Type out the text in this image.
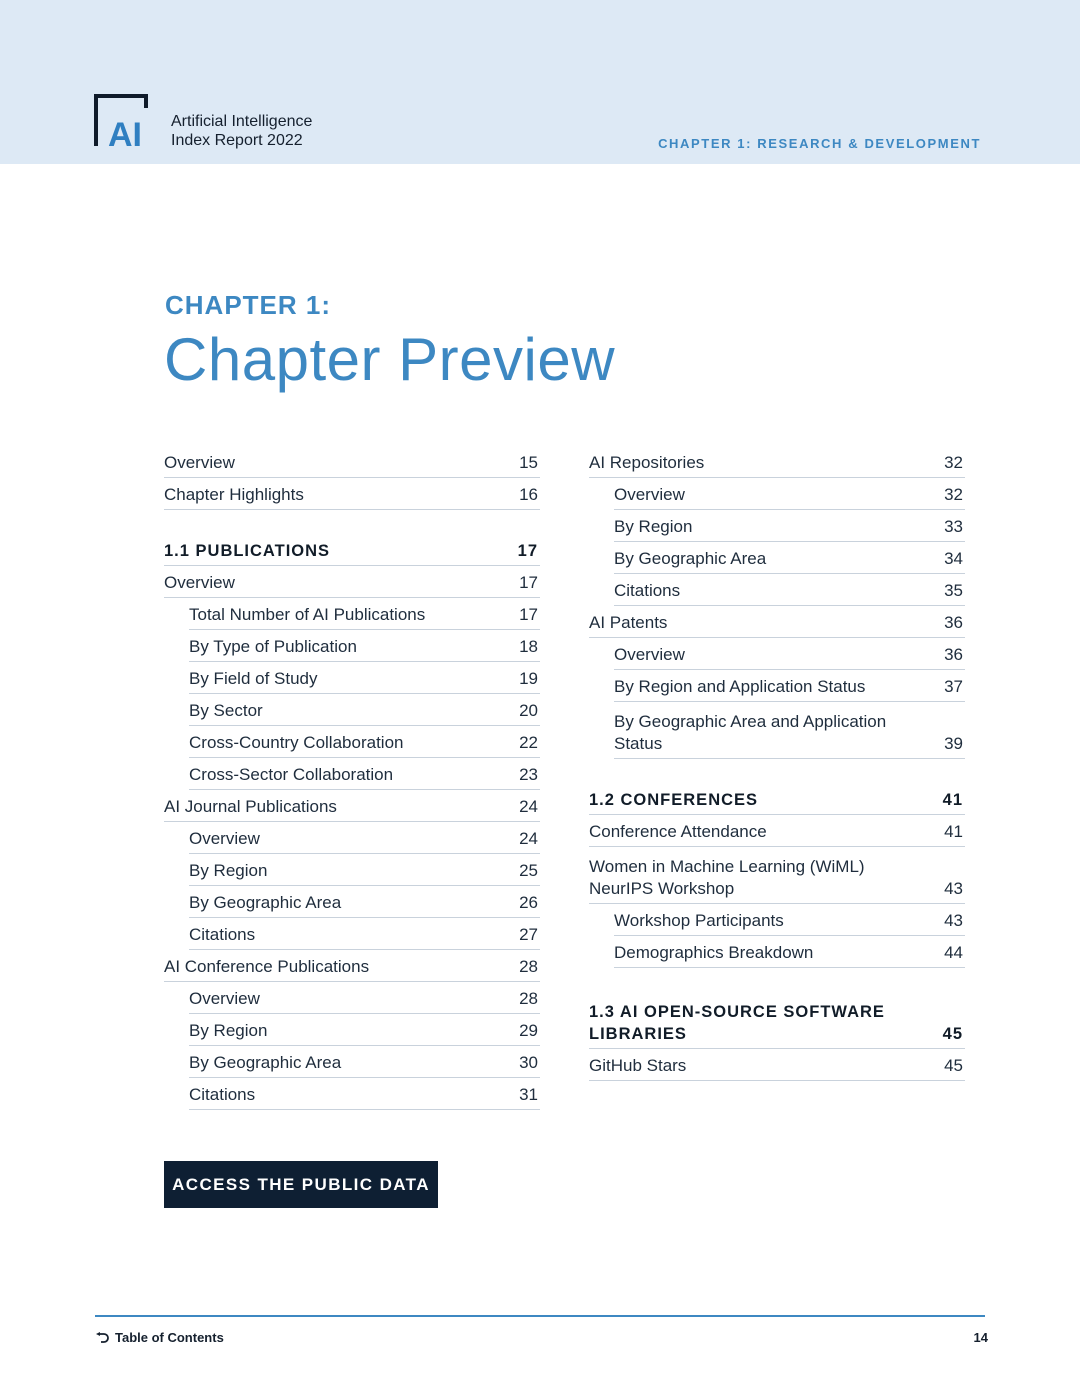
AI Artificial Intelligence
Index Report 2022	CHAPTER 1: RESEARCH & DEVELOPMENT
CHAPTER 1:
Chapter Preview
Overview	15
Chapter Highlights	16
1.1 PUBLICATIONS	17
Overview	17
Total Number of AI Publications	17
By Type of Publication	18
By Field of Study	19
By Sector	20
Cross-Country Collaboration	22
Cross-Sector Collaboration	23
AI Journal Publications	24
Overview	24
By Region	25
By Geographic Area	26
Citations	27
AI Conference Publications	28
Overview	28
By Region	29
By Geographic Area	30
Citations	31
AI Repositories	32
Overview	32
By Region	33
By Geographic Area	34
Citations	35
AI Patents	36
Overview	36
By Region and Application Status	37
By Geographic Area and Application Status	39
1.2 CONFERENCES	41
Conference Attendance	41
Women in Machine Learning (WiML) NeurIPS Workshop	43
Workshop Participants	43
Demographics Breakdown	44
1.3 AI OPEN-SOURCE SOFTWARE LIBRARIES	45
GitHub Stars	45
ACCESS THE PUBLIC DATA
Table of Contents	14
